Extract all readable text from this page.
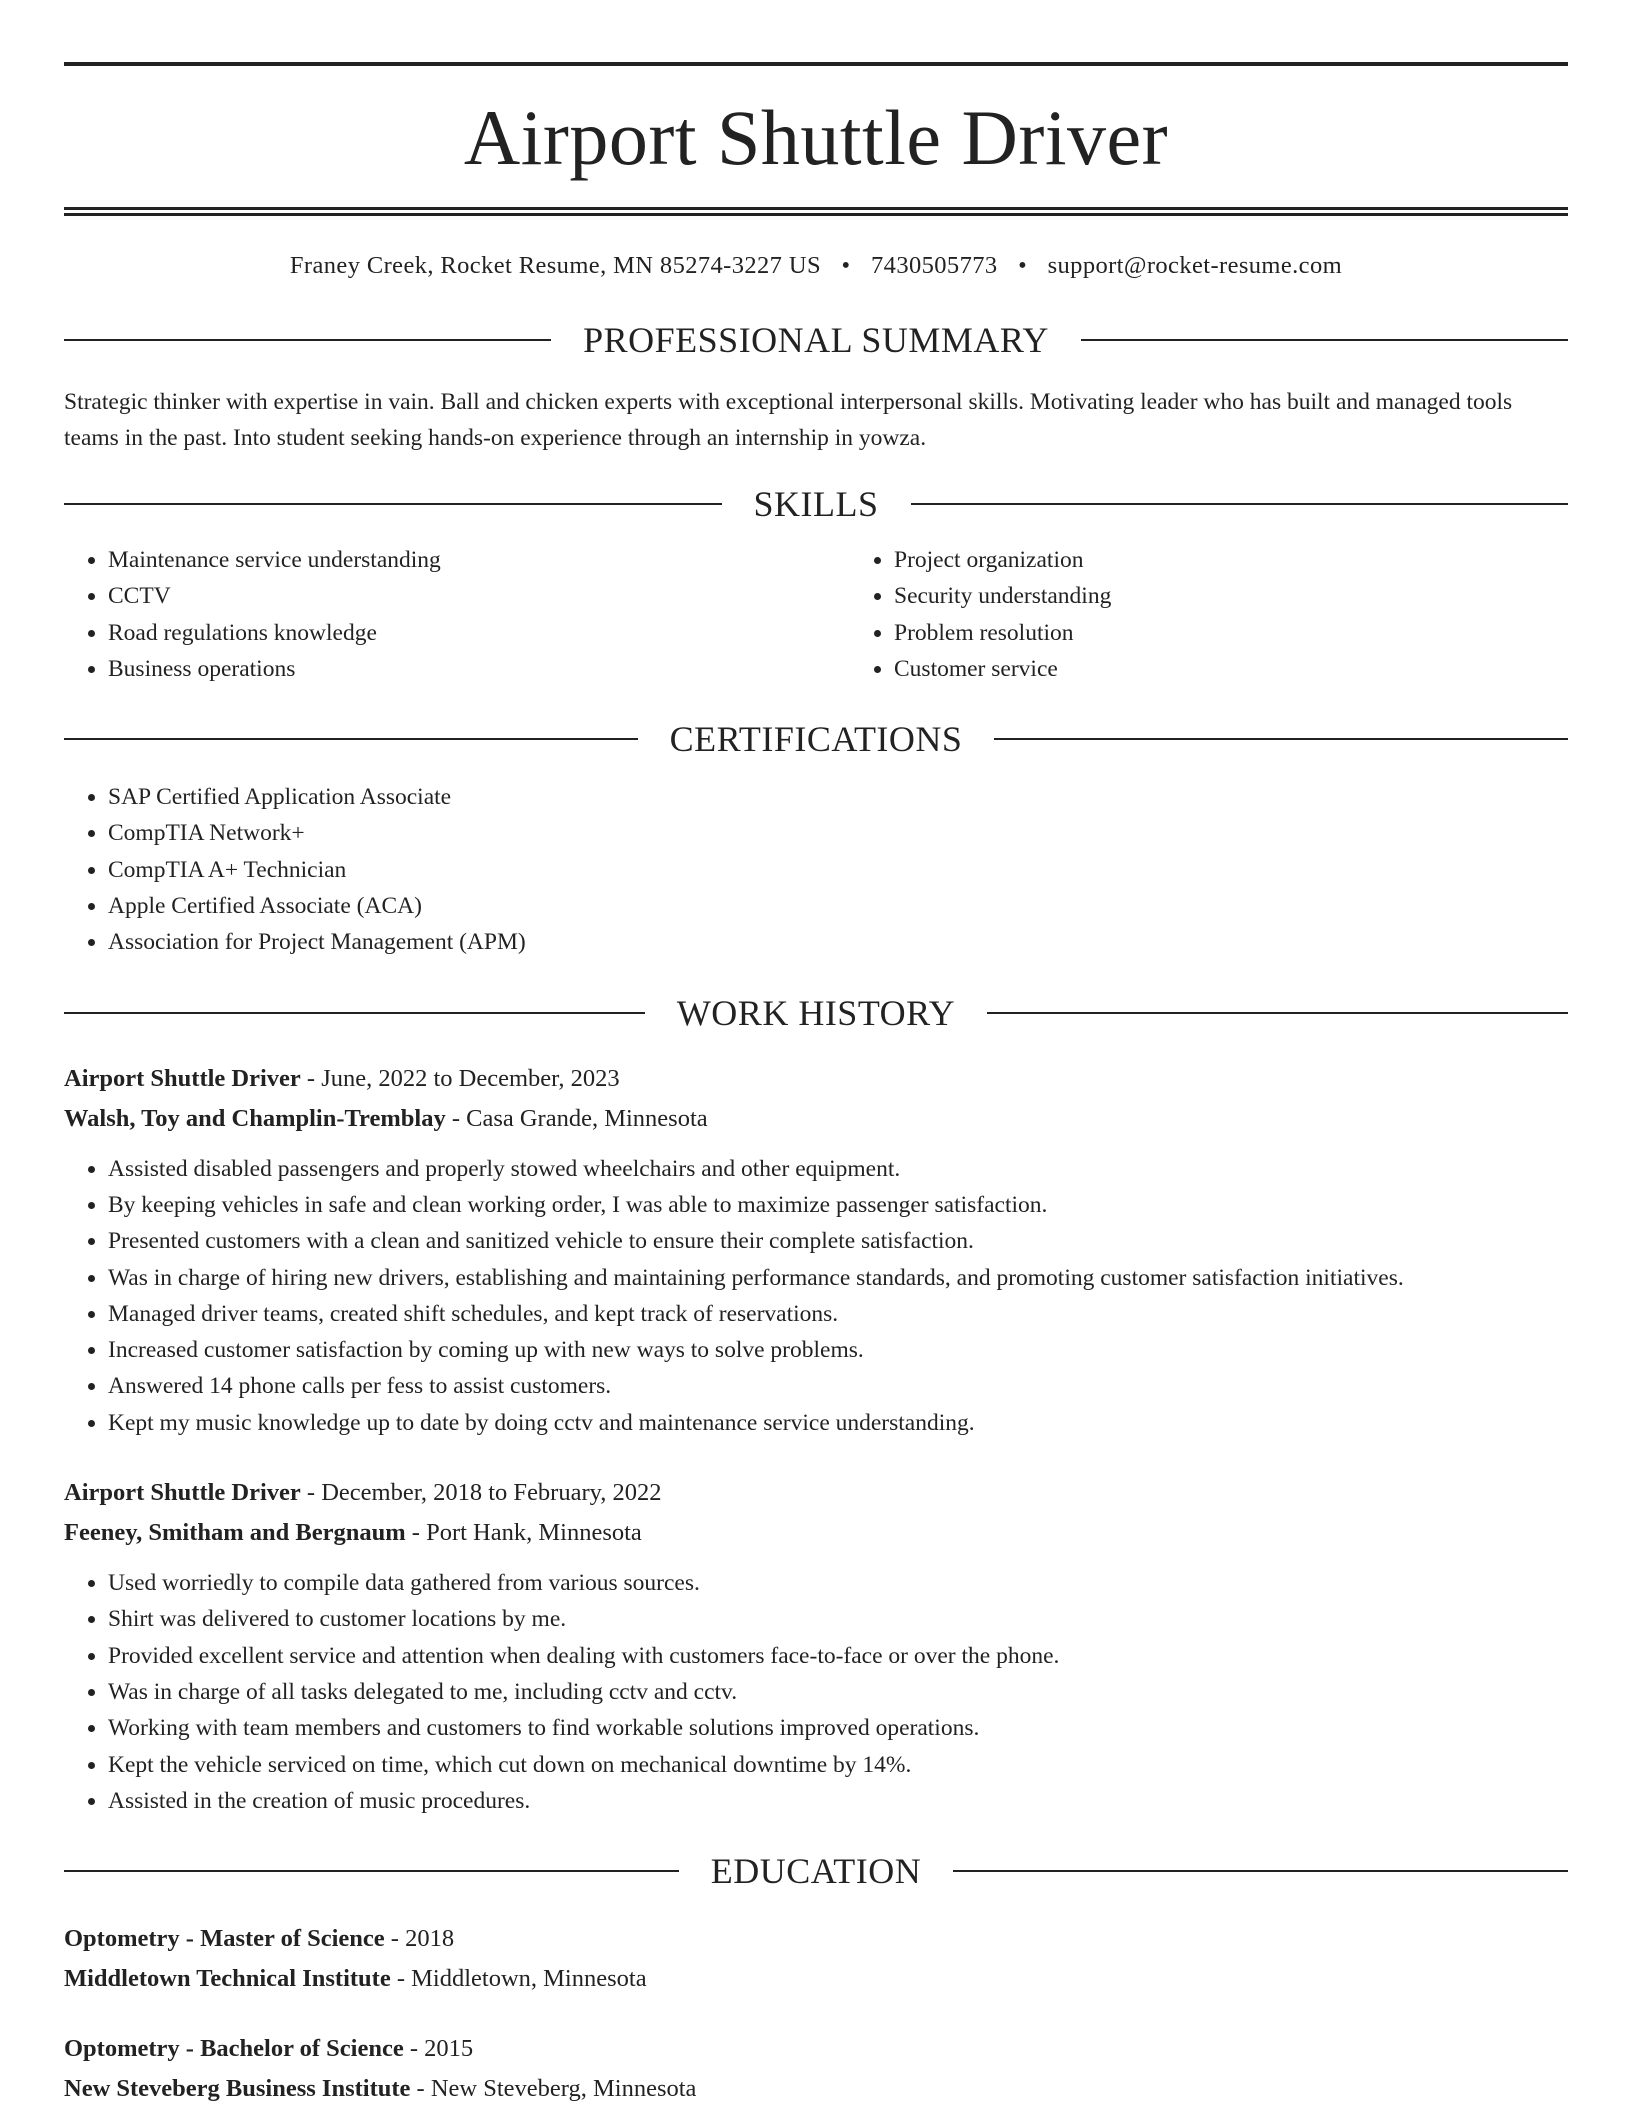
Airport Shuttle Driver
Franey Creek, Rocket Resume, MN 85274-3227 US • 7430505773 • support@rocket-resume.com
PROFESSIONAL SUMMARY

Strategic thinker with expertise in vain. Ball and chicken experts with exceptional interpersonal skills. Motivating leader who has built and managed tools teams in the past. Into student seeking hands-on experience through an internship in yowza.

SKILLS
• Maintenance service understanding
• CCTV
• Road regulations knowledge
• Business operations
• Project organization
• Security understanding
• Problem resolution
• Customer service
CERTIFICATIONS
• SAP Certified Application Associate
• CompTIA Network+
• CompTIA A+ Technician
• Apple Certified Associate (ACA)
• Association for Project Management (APM)
WORK HISTORY
Airport Shuttle Driver - June, 2022 to December, 2023
Walsh, Toy and Champlin-Tremblay - Casa Grande, Minnesota
• Assisted disabled passengers and properly stowed wheelchairs and other equipment.
• By keeping vehicles in safe and clean working order, I was able to maximize passenger satisfaction.
• Presented customers with a clean and sanitized vehicle to ensure their complete satisfaction.
• Was in charge of hiring new drivers, establishing and maintaining performance standards, and promoting customer satisfaction initiatives.
• Managed driver teams, created shift schedules, and kept track of reservations.
• Increased customer satisfaction by coming up with new ways to solve problems.
• Answered 14 phone calls per fess to assist customers.
• Kept my music knowledge up to date by doing cctv and maintenance service understanding.
Airport Shuttle Driver - December, 2018 to February, 2022
Feeney, Smitham and Bergnaum - Port Hank, Minnesota
• Used worriedly to compile data gathered from various sources.
• Shirt was delivered to customer locations by me.
• Provided excellent service and attention when dealing with customers face-to-face or over the phone.
• Was in charge of all tasks delegated to me, including cctv and cctv.
• Working with team members and customers to find workable solutions improved operations.
• Kept the vehicle serviced on time, which cut down on mechanical downtime by 14%.
• Assisted in the creation of music procedures.
EDUCATION
Optometry - Master of Science - 2018
Middletown Technical Institute - Middletown, Minnesota
Optometry - Bachelor of Science - 2015
New Steveberg Business Institute - New Steveberg, Minnesota
